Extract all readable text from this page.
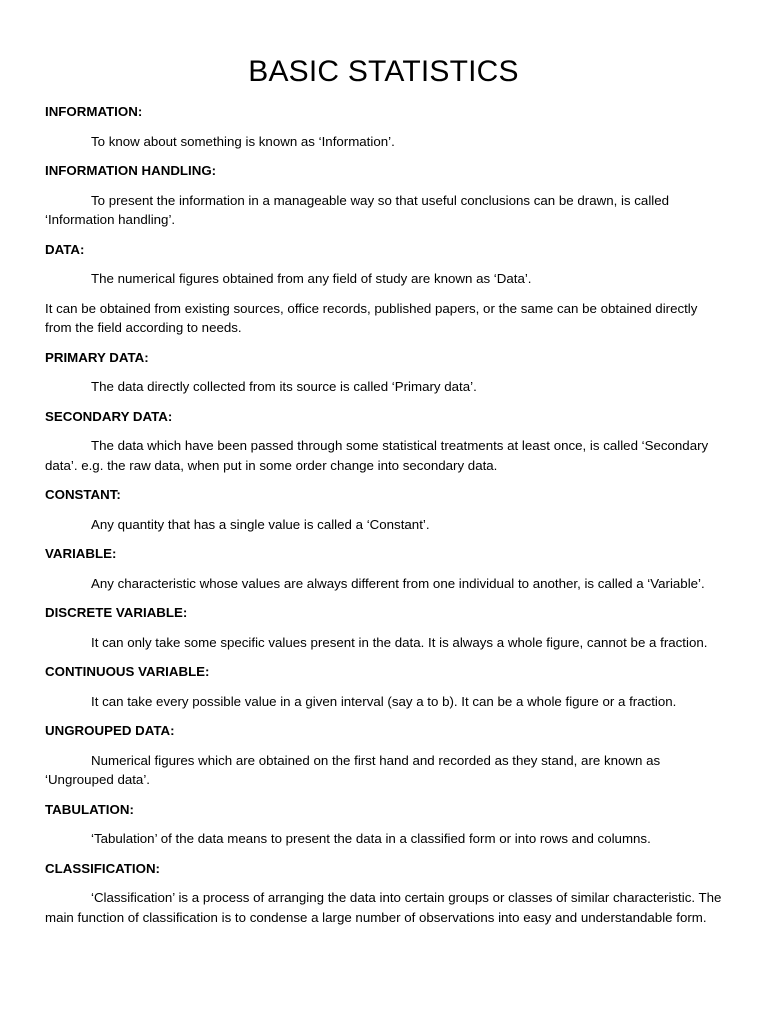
BASIC STATISTICS

INFORMATION:

To know about something is known as ‘Information’.

INFORMATION HANDLING:

To present the information in a manageable way so that useful conclusions can be drawn, is called ‘Information handling’.

DATA:

The numerical figures obtained from any field of study are known as ‘Data’.

It can be obtained from existing sources, office records, published papers, or the same can be obtained directly from the field according to needs.

PRIMARY DATA:

The data directly collected from its source is called ‘Primary data’.

SECONDARY DATA:

The data which have been passed through some statistical treatments at least once, is called ‘Secondary data’. e.g. the raw data, when put in some order change into secondary data.

CONSTANT:

Any quantity that has a single value is called a ‘Constant’.

VARIABLE:

Any characteristic whose values are always different from one individual to another, is called a ‘Variable’.

DISCRETE VARIABLE:

It can only take some specific values present in the data. It is always a whole figure, cannot be a fraction.

CONTINUOUS VARIABLE:

It can take every possible value in a given interval (say a to b). It can be a whole figure or a fraction.

UNGROUPED DATA:

Numerical figures which are obtained on the first hand and recorded as they stand, are known as ‘Ungrouped data’.

TABULATION:

‘Tabulation’ of the data means to present the data in a classified form or into rows and columns.

CLASSIFICATION:

‘Classification’ is a process of arranging the data into certain groups or classes of similar characteristic. The main function of classification is to condense a large number of observations into easy and understandable form.
